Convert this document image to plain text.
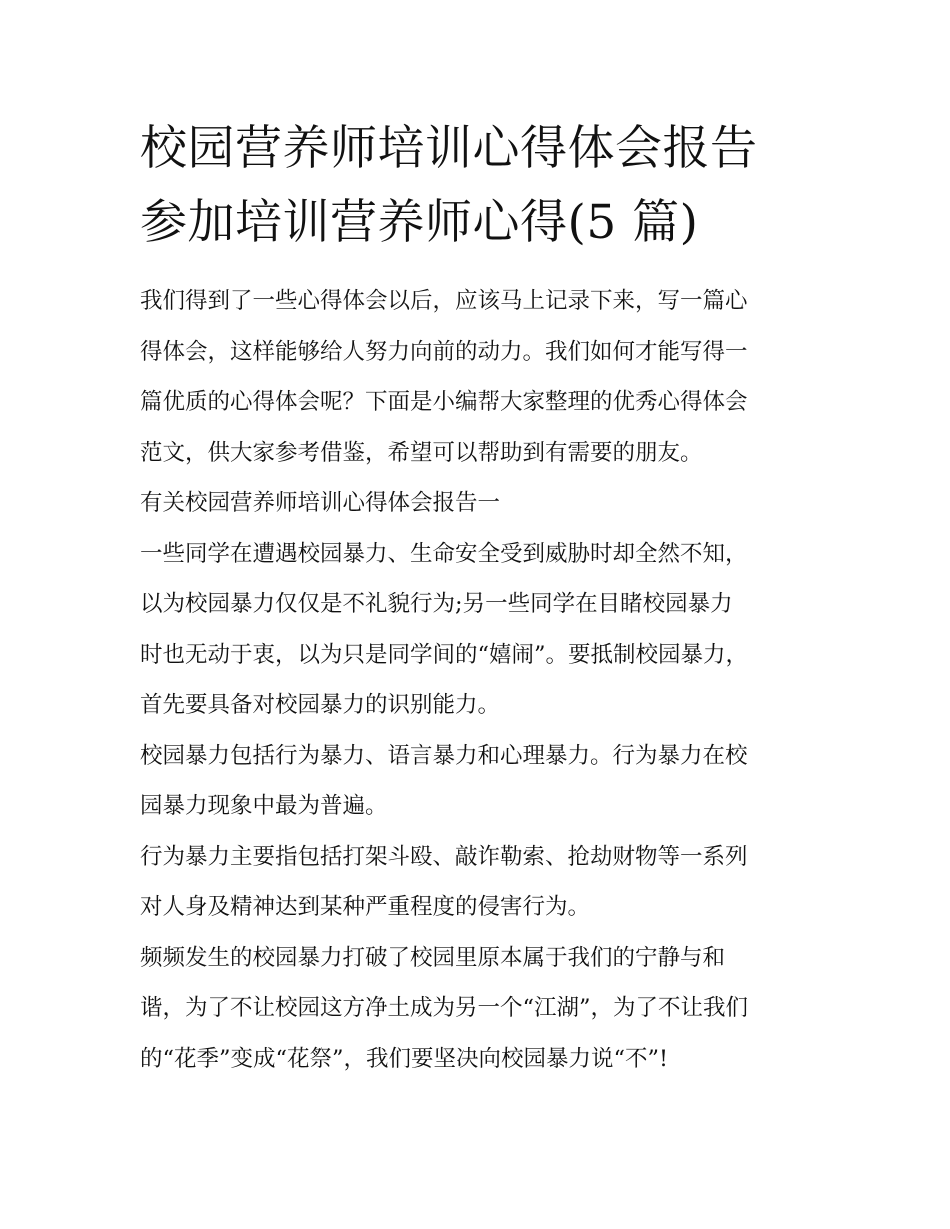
校园营养师培训心得体会报告
参加培训营养师心得(5 篇)

我们得到了一些心得体会以后，应该马上记录下来，写一篇心
得体会，这样能够给人努力向前的动力。我们如何才能写得一
篇优质的心得体会呢？下面是小编帮大家整理的优秀心得体会
范文，供大家参考借鉴，希望可以帮助到有需要的朋友。

有关校园营养师培训心得体会报告一

一些同学在遭遇校园暴力、生命安全受到威胁时却全然不知，
以为校园暴力仅仅是不礼貌行为;另一些同学在目睹校园暴力
时也无动于衷，以为只是同学间的“嬉闹”。要抵制校园暴力，
首先要具备对校园暴力的识别能力。

校园暴力包括行为暴力、语言暴力和心理暴力。行为暴力在校
园暴力现象中最为普遍。

行为暴力主要指包括打架斗殴、敲诈勒索、抢劫财物等一系列
对人身及精神达到某种严重程度的侵害行为。

频频发生的校园暴力打破了校园里原本属于我们的宁静与和
谐，为了不让校园这方净土成为另一个“江湖”，为了不让我们
的“花季”变成“花祭”，我们要坚决向校园暴力说“不”!
